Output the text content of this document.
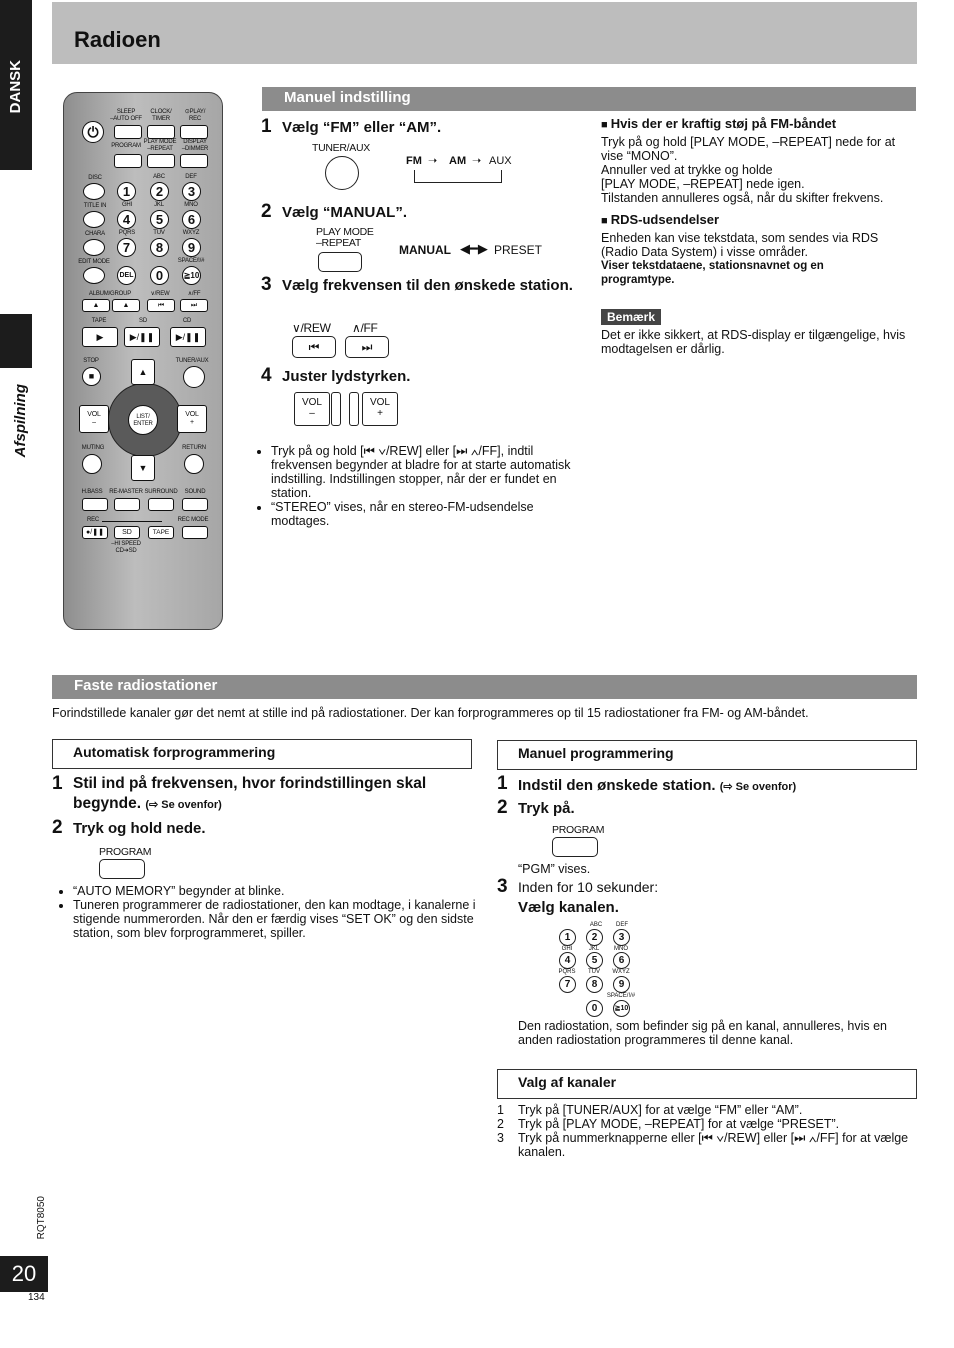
DANSK
Afspilning
Radioen
⏻
SLEEP
–AUTO OFF
CLOCK/
TIMER
⊙PLAY/
REC
PROGRAM
PLAY MODE
–REPEAT
DISPLAY
–DIMMER
DISC
TITLE IN
CHARA
EDIT MODE
1	2	3
4	5	6
7	8	9
DEL	0	≧10
ABC	DEF
GHI	JKL	MNO
PQRS	TUV	WXYZ
SPACE/!/#
ALBUM/GROUP	∨/REW	∧/FF
▲	▲	⏮	⏭
TAPE	SD	CD
▶	▶/❚❚	▶/❚❚
STOP
■
TUNER/AUX
▲
▼
VOL
–
VOL
+
LIST/
ENTER
MUTING	RETURN
H.BASS	RE-MASTER SURROUND	SOUND
REC	REC MODE
●/❚❚	SD	TAPE
–HI SPEED
CD➔SD
Manuel indstilling
1 Vælg “FM” eller “AM”.
TUNER/AUX
FM ➝ AM ➝ AUX
2 Vælg “MANUAL”.
PLAY MODE
–REPEAT	MANUAL ◀━▶ PRESET
3 Vælg frekvensen til den ønskede station.
∨/REW ∧/FF
⏮	⏭
4 Juster lydstyrken.
VOL
–
VOL
+
• Tryk på og hold [⏮ ∨/REW] eller [⏭ ∧/FF], indtil frekvensen begynder at bladre for at starte automatisk indstilling. Indstillingen stopper, når der er fundet en station.
• “STEREO” vises, når en stereo-FM-udsendelse modtages.
■ Hvis der er kraftig støj på FM-båndet
Tryk på og hold [PLAY MODE, –REPEAT] nede for at vise “MONO”.
Annuller ved at trykke og holde
[PLAY MODE, –REPEAT] nede igen.
Tilstanden annulleres også, når du skifter frekvens.
■ RDS-udsendelser
Enheden kan vise tekstdata, som sendes via RDS (Radio Data System) i visse områder.
Viser tekstdataene, stationsnavnet og en programtype.
Bemærk
Det er ikke sikkert, at RDS-display er tilgængelige, hvis modtagelsen er dårlig.
Faste radiostationer
Forindstillede kanaler gør det nemt at stille ind på radiostationer. Der kan forprogrammeres op til 15 radiostationer fra FM- og AM-båndet.
Automatisk forprogrammering
1 Stil ind på frekvensen, hvor forindstillingen skal begynde. (⇨ Se ovenfor)
2 Tryk og hold nede.
PROGRAM
• “AUTO MEMORY” begynder at blinke.
• Tuneren programmerer de radiostationer, den kan modtage, i kanalerne i stigende nummerorden. Når den er færdig vises “SET OK” og den sidste station, som blev forprogrammeret, spiller.
Manuel programmering
1 Indstil den ønskede station. (⇨ Se ovenfor)
2 Tryk på.
PROGRAM
“PGM” vises.
3 Inden for 10 sekunder:
Vælg kanalen.
ABC	DEF
1	2	3
GHI	JKL	MNO
4	5	6
PQRS	TUV	WXYZ
7	8	9
SPACE/!/#
0	≧10
Den radiostation, som befinder sig på en kanal, annulleres, hvis en anden radiostation programmeres til denne kanal.
Valg af kanaler
1	Tryk på [TUNER/AUX] for at vælge “FM” eller “AM”.
2	Tryk på [PLAY MODE, –REPEAT] for at vælge “PRESET”.
3	Tryk på nummerknapperne eller [⏮ ∨/REW] eller [⏭ ∧/FF] for at vælge kanalen.
RQT8050
20
134
